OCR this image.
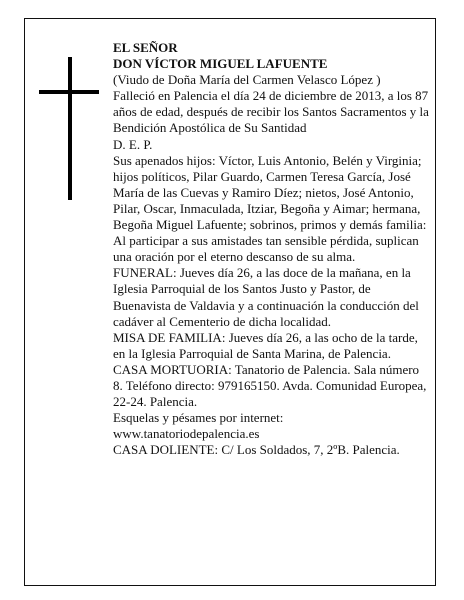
EL SEÑOR
DON VÍCTOR MIGUEL LAFUENTE
(Viudo de Doña María del Carmen Velasco López )
Falleció en Palencia el día 24 de diciembre de 2013, a los 87 años de edad, después de recibir los Santos Sacramentos y la Bendición Apostólica de Su Santidad
D. E. P.
Sus apenados hijos: Víctor, Luis Antonio, Belén y Virginia; hijos políticos, Pilar Guardo, Carmen Teresa García, José María de las Cuevas y Ramiro Díez; nietos, José Antonio, Pilar, Oscar, Inmaculada, Itziar, Begoña y Aimar; hermana, Begoña Miguel Lafuente; sobrinos, primos y demás familia:
Al participar a sus amistades tan sensible pérdida, suplican una oración por el eterno descanso de su alma.
FUNERAL: Jueves día 26, a las doce de la mañana, en la Iglesia Parroquial de los Santos Justo y Pastor, de Buenavista de Valdavia y a continuación la conducción del cadáver al Cementerio de dicha localidad.
MISA DE FAMILIA: Jueves día 26, a las ocho de la tarde, en la Iglesia Parroquial de Santa Marina, de Palencia.
CASA MORTUORIA: Tanatorio de Palencia. Sala número 8. Teléfono directo: 979165150. Avda. Comunidad Europea, 22-24. Palencia.
Esquelas y pésames por internet:
www.tanatoriodepalencia.es
CASA DOLIENTE: C/ Los Soldados, 7, 2ºB. Palencia.
